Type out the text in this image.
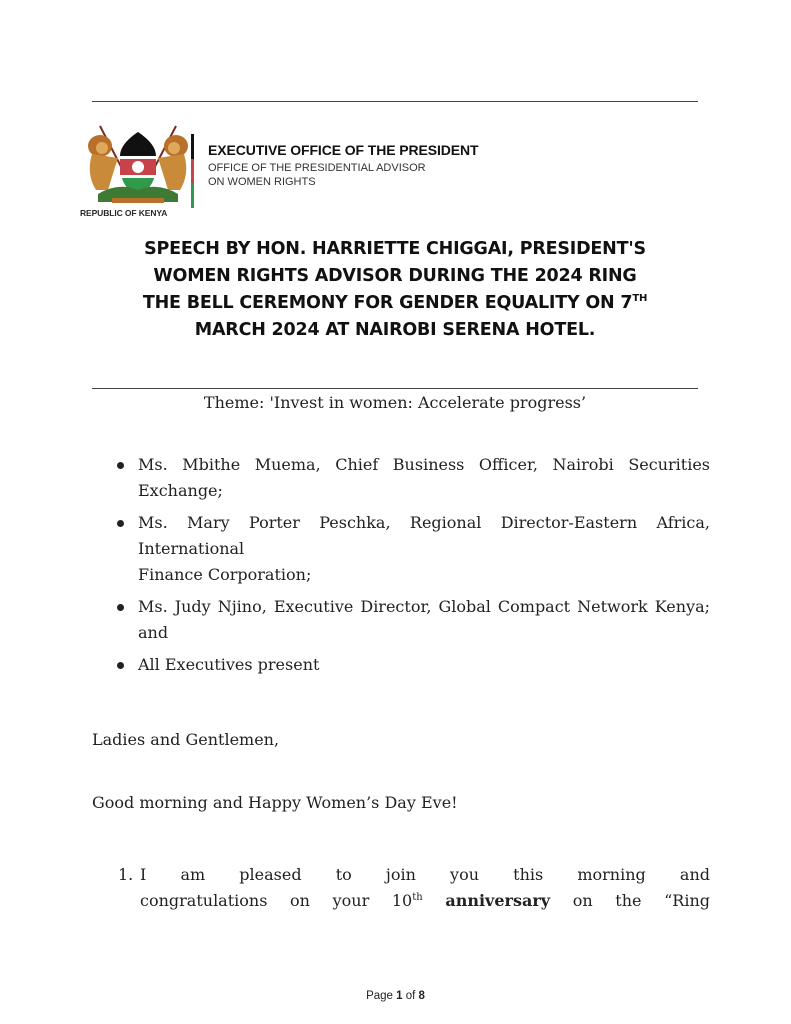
REPUBLIC OF KENYA
EXECUTIVE OFFICE OF THE PRESIDENT
OFFICE OF THE PRESIDENTIAL ADVISOR
ON WOMEN RIGHTS
SPEECH BY HON. HARRIETTE CHIGGAI, PRESIDENT'S
WOMEN RIGHTS ADVISOR DURING THE 2024 RING
THE BELL CEREMONY FOR GENDER EQUALITY ON 7TH
MARCH 2024 AT NAIROBI SERENA HOTEL.
Theme: 'Invest in women: Accelerate progress’
Ms. Mbithe Muema, Chief Business Officer, Nairobi Securities Exchange;
Ms. Mary Porter Peschka, Regional Director-Eastern Africa, International
Finance Corporation;
Ms. Judy Njino, Executive Director, Global Compact Network Kenya; and
All Executives present
Ladies and Gentlemen,
Good morning and Happy Women’s Day Eve!
1. I am pleased to join you this morning and
congratulations on your 10th anniversary on the “Ring
Page 1 of 8
